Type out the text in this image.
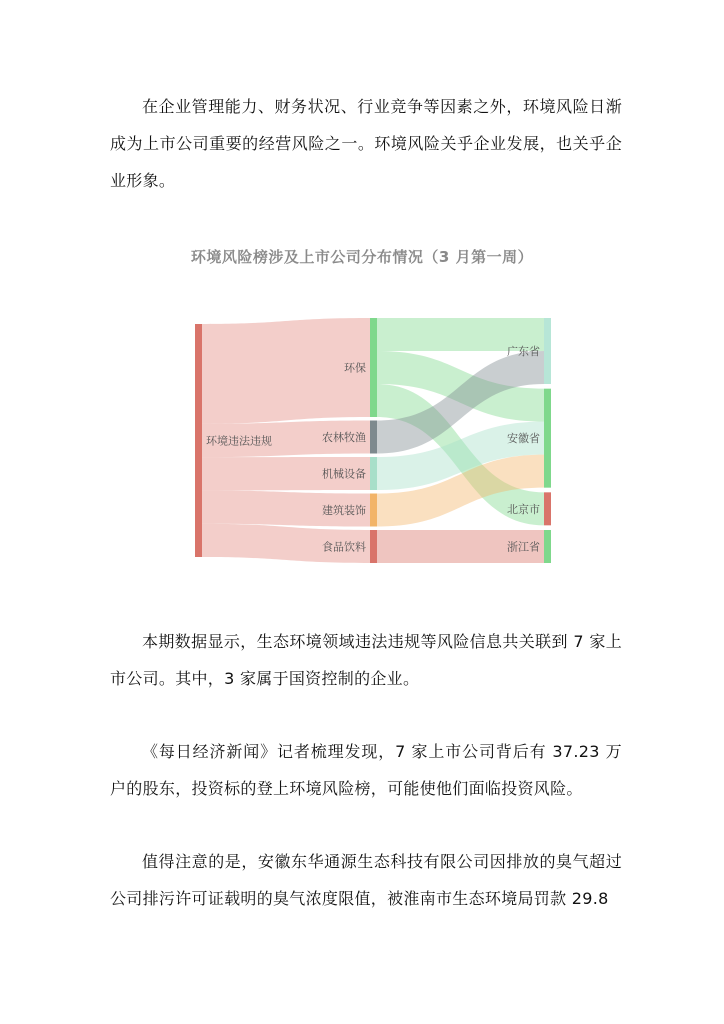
在企业管理能力、财务状况、行业竞争等因素之外，环境风险日渐成为上市公司重要的经营风险之一。环境风险关乎企业发展，也关乎企业形象。

环境风险榜涉及上市公司分布情况（3 月第一周）
环境违法违规
环保
农林牧渔
机械设备
建筑装饰
食品饮料
广东省
安徽省
北京市
浙江省

本期数据显示，生态环境领域违法违规等风险信息共关联到 7 家上市公司。其中，3 家属于国资控制的企业。

《每日经济新闻》记者梳理发现，7 家上市公司背后有 37.23 万户的股东，投资标的登上环境风险榜，可能使他们面临投资风险。

值得注意的是，安徽东华通源生态科技有限公司因排放的臭气超过公司排污许可证载明的臭气浓度限值，被淮南市生态环境局罚款 29.8
